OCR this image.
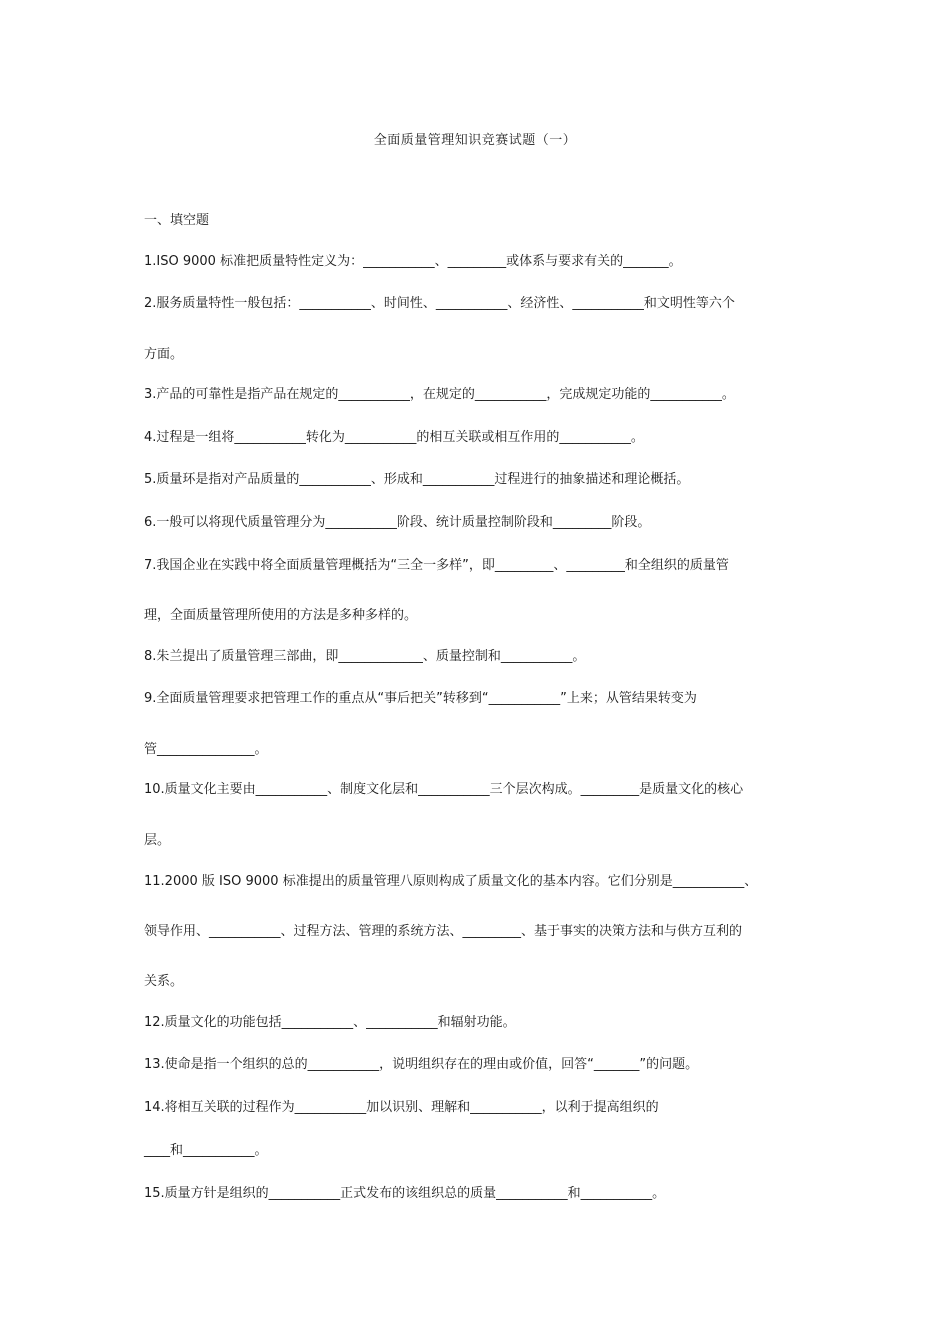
全面质量管理知识竞赛试题（一）
一、填空题
1.ISO 9000 标准把质量特性定义为：___________、_________或体系与要求有关的_______。
2.服务质量特性一般包括：___________、时间性、___________、经济性、___________和文明性等六个
方面。
3.产品的可靠性是指产品在规定的___________，在规定的___________，完成规定功能的___________。
4.过程是一组将___________转化为___________的相互关联或相互作用的___________。
5.质量环是指对产品质量的___________、形成和___________过程进行的抽象描述和理论概括。
6.一般可以将现代质量管理分为___________阶段、统计质量控制阶段和_________阶段。
7.我国企业在实践中将全面质量管理概括为“三全一多样”，即_________、_________和全组织的质量管
理，全面质量管理所使用的方法是多种多样的。
8.朱兰提出了质量管理三部曲，即_____________、质量控制和___________。
9.全面质量管理要求把管理工作的重点从“事后把关”转移到“___________”上来；从管结果转变为
管_______________。
10.质量文化主要由___________、制度文化层和___________三个层次构成。_________是质量文化的核心
层。
11.2000 版 ISO 9000 标准提出的质量管理八原则构成了质量文化的基本内容。它们分别是___________、
领导作用、___________、过程方法、管理的系统方法、_________、基于事实的决策方法和与供方互利的
关系。
12.质量文化的功能包括___________、___________和辐射功能。
13.使命是指一个组织的总的___________，说明组织存在的理由或价值，回答“_______”的问题。
14.将相互关联的过程作为___________加以识别、理解和___________，以利于提高组织的
____和___________。
15.质量方针是组织的___________正式发布的该组织总的质量___________和___________。
